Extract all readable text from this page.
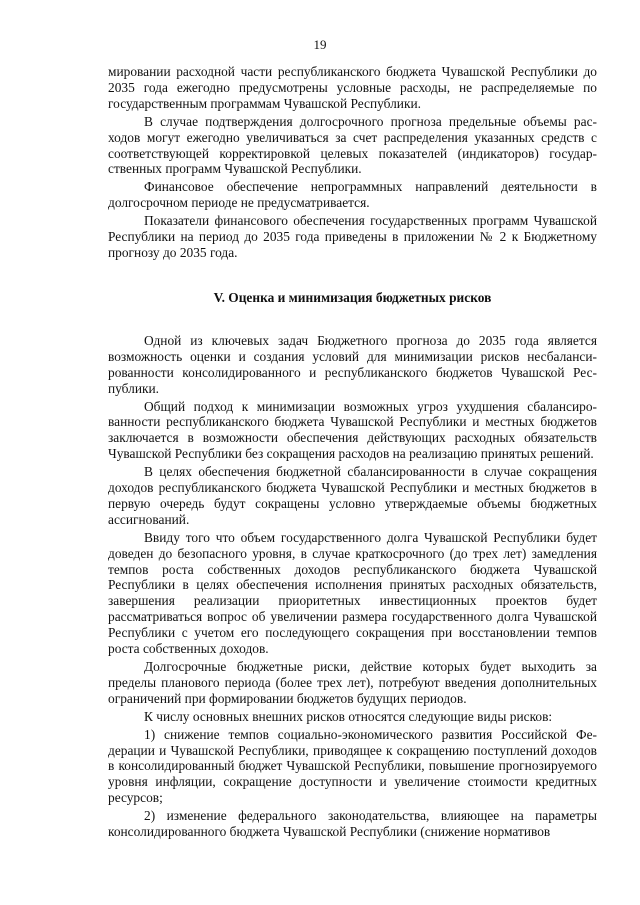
19

мировании расходной части республиканского бюджета Чувашской Республики до 2035 года ежегодно предусмотрены условные расходы, не распределяемые по государственным программам Чувашской Республики.

В случае подтверждения долгосрочного прогноза предельные объемы расходов могут ежегодно увеличиваться за счет распределения указанных средств с соответствующей корректировкой целевых показателей (индикаторов) государственных программ Чувашской Республики.

Финансовое обеспечение непрограммных направлений деятельности в долгосрочном периоде не предусматривается.

Показатели финансового обеспечения государственных программ Чувашской Республики на период до 2035 года приведены в приложении № 2 к Бюджетному прогнозу до 2035 года.

V. Оценка и минимизация бюджетных рисков

Одной из ключевых задач Бюджетного прогноза до 2035 года является возможность оценки и создания условий для минимизации рисков несбалансированности консолидированного и республиканского бюджетов Чувашской Республики.

Общий подход к минимизации возможных угроз ухудшения сбалансированности республиканского бюджета Чувашской Республики и местных бюджетов заключается в возможности обеспечения действующих расходных обязательств Чувашской Республики без сокращения расходов на реализацию принятых решений.

В целях обеспечения бюджетной сбалансированности в случае сокращения доходов республиканского бюджета Чувашской Республики и местных бюджетов в первую очередь будут сокращены условно утверждаемые объемы бюджетных ассигнований.

Ввиду того что объем государственного долга Чувашской Республики будет доведен до безопасного уровня, в случае краткосрочного (до трех лет) замедления темпов роста собственных доходов республиканского бюджета Чувашской Республики в целях обеспечения исполнения принятых расходных обязательств, завершения реализации приоритетных инвестиционных проектов будет рассматриваться вопрос об увеличении размера государственного долга Чувашской Республики с учетом его последующего сокращения при восстановлении темпов роста собственных доходов.

Долгосрочные бюджетные риски, действие которых будет выходить за пределы планового периода (более трех лет), потребуют введения дополнительных ограничений при формировании бюджетов будущих периодов.

К числу основных внешних рисков относятся следующие виды рисков:

1) снижение темпов социально-экономического развития Российской Федерации и Чувашской Республики, приводящее к сокращению поступлений доходов в консолидированный бюджет Чувашской Республики, повышение прогнозируемого уровня инфляции, сокращение доступности и увеличение стоимости кредитных ресурсов;

2) изменение федерального законодательства, влияющее на параметры консолидированного бюджета Чувашской Республики (снижение нормативов
